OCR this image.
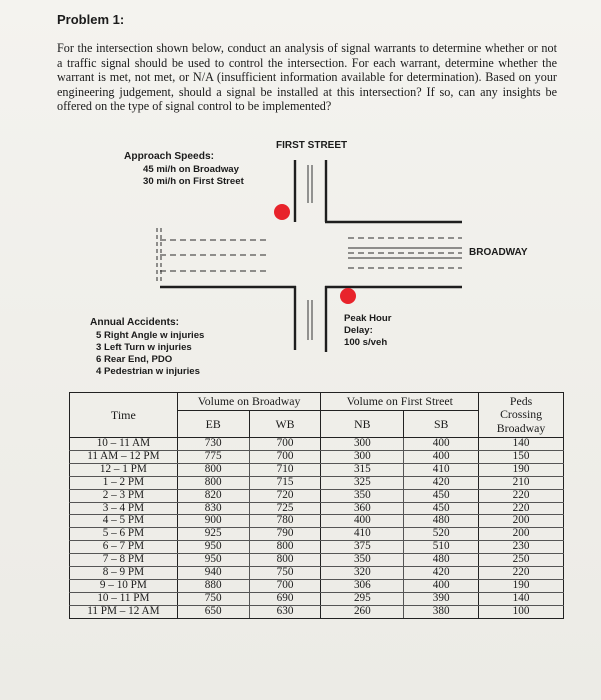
Problem 1:
For the intersection shown below, conduct an analysis of signal warrants to determine whether or not a traffic signal should be used to control the intersection. For each warrant, determine whether the warrant is met, not met, or N/A (insufficient information available for determination). Based on your engineering judgement, should a signal be installed at this intersection? If so, can any insights be offered on the type of signal control to be implemented?
FIRST STREET
BROADWAY
Approach Speeds:
45 mi/h on Broadway
30 mi/h on First Street
Annual Accidents:
5 Right Angle w injuries
3 Left Turn w injuries
6 Rear End, PDO
4 Pedestrian w injuries
Peak Hour
Delay:
100 s/veh
Time	Volume on Broadway		Volume on First Street		Peds
Crossing
Broadway

	EB	WB	NB	SB	
10 – 11 AM	730	700	300	400	140
11 AM – 12 PM	775	700	300	400	150
12 – 1 PM	800	710	315	410	190
1 – 2 PM	800	715	325	420	210
2 – 3 PM	820	720	350	450	220
3 – 4 PM	830	725	360	450	220
4 – 5 PM	900	780	400	480	200
5 – 6 PM	925	790	410	520	200
6 – 7 PM	950	800	375	510	230
7 – 8 PM	950	800	350	480	250
8 – 9 PM	940	750	320	420	220
9 – 10 PM	880	700	306	400	190
10 – 11 PM	750	690	295	390	140
11 PM – 12 AM	650	630	260	380	100
